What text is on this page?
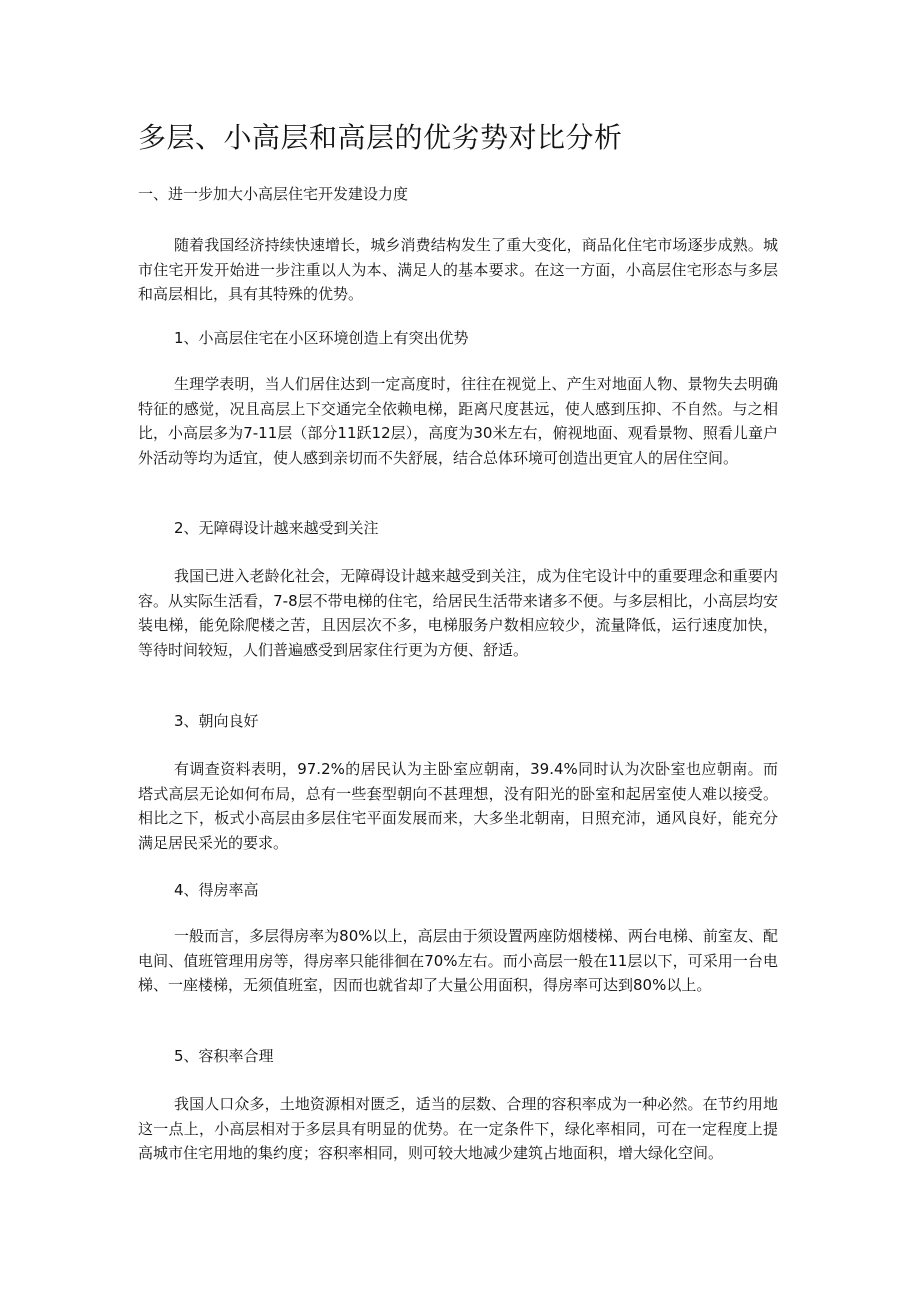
多层、小高层和高层的优劣势对比分析
一、进一步加大小高层住宅开发建设力度

随着我国经济持续快速增长，城乡消费结构发生了重大变化，商品化住宅市场逐步成熟。城市住宅开发开始进一步注重以人为本、满足人的基本要求。在这一方面，小高层住宅形态与多层和高层相比，具有其特殊的优势。

1、小高层住宅在小区环境创造上有突出优势

生理学表明，当人们居住达到一定高度时，往往在视觉上、产生对地面人物、景物失去明确特征的感觉，况且高层上下交通完全依赖电梯，距离尺度甚远，使人感到压抑、不自然。与之相比，小高层多为7-11层（部分11跃12层），高度为30米左右，俯视地面、观看景物、照看儿童户外活动等均为适宜，使人感到亲切而不失舒展，结合总体环境可创造出更宜人的居住空间。

2、无障碍设计越来越受到关注

我国已进入老龄化社会，无障碍设计越来越受到关注，成为住宅设计中的重要理念和重要内容。从实际生活看，7-8层不带电梯的住宅，给居民生活带来诸多不便。与多层相比，小高层均安装电梯，能免除爬楼之苦，且因层次不多，电梯服务户数相应较少，流量降低，运行速度加快，等待时间较短，人们普遍感受到居家住行更为方便、舒适。

3、朝向良好

有调查资料表明，97.2%的居民认为主卧室应朝南，39.4%同时认为次卧室也应朝南。而塔式高层无论如何布局，总有一些套型朝向不甚理想，没有阳光的卧室和起居室使人难以接受。相比之下，板式小高层由多层住宅平面发展而来，大多坐北朝南，日照充沛，通风良好，能充分满足居民采光的要求。

4、得房率高

一般而言，多层得房率为80%以上，高层由于须设置两座防烟楼梯、两台电梯、前室友、配电间、值班管理用房等，得房率只能徘徊在70%左右。而小高层一般在11层以下，可采用一台电梯、一座楼梯，无须值班室，因而也就省却了大量公用面积，得房率可达到80%以上。

5、容积率合理

我国人口众多，土地资源相对匮乏，适当的层数、合理的容积率成为一种必然。在节约用地这一点上，小高层相对于多层具有明显的优势。在一定条件下，绿化率相同，可在一定程度上提高城市住宅用地的集约度；容积率相同，则可较大地减少建筑占地面积，增大绿化空间。
